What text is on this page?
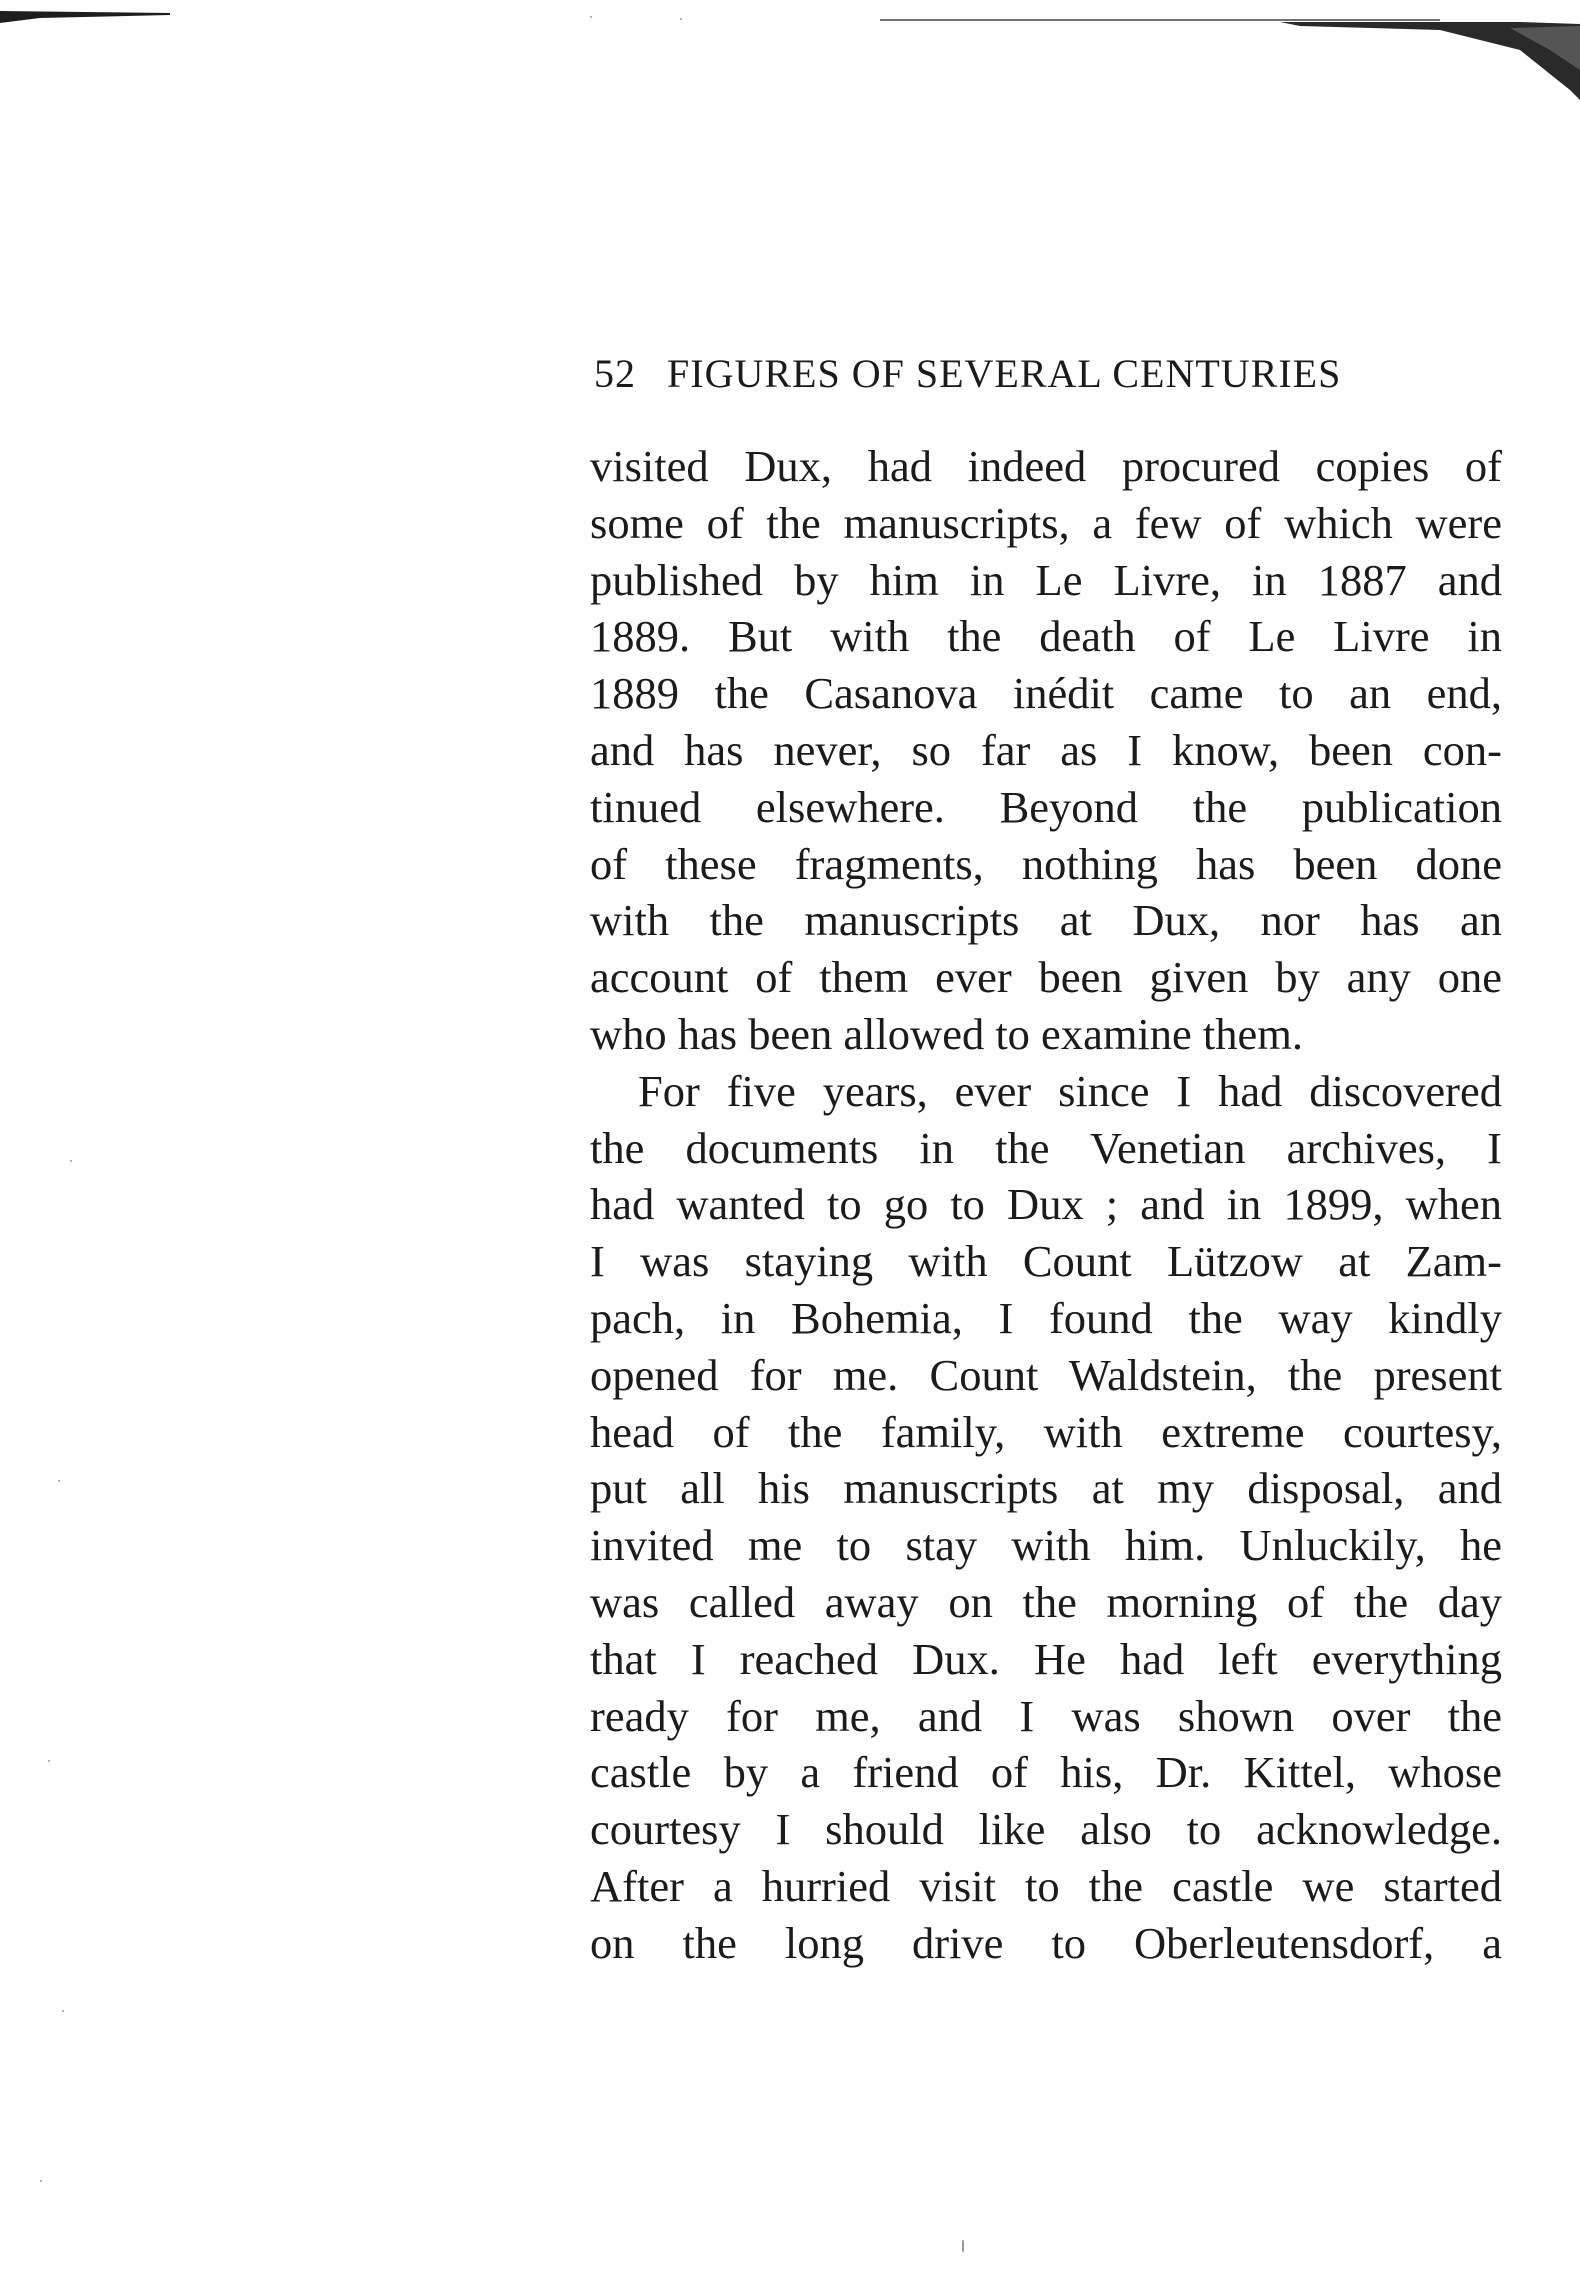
52 FIGURES OF SEVERAL CENTURIES
visited Dux, had indeed procured copies of
some of the manuscripts, a few of which were
published by him in Le Livre, in 1887 and
1889. But with the death of Le Livre in
1889 the Casanova inédit came to an end,
and has never, so far as I know, been con-
tinued elsewhere. Beyond the publication
of these fragments, nothing has been done
with the manuscripts at Dux, nor has an
account of them ever been given by any one
who has been allowed to examine them.
For five years, ever since I had discovered
the documents in the Venetian archives, I
had wanted to go to Dux ; and in 1899, when
I was staying with Count Lützow at Zam-
pach, in Bohemia, I found the way kindly
opened for me. Count Waldstein, the present
head of the family, with extreme courtesy,
put all his manuscripts at my disposal, and
invited me to stay with him. Unluckily, he
was called away on the morning of the day
that I reached Dux. He had left everything
ready for me, and I was shown over the
castle by a friend of his, Dr. Kittel, whose
courtesy I should like also to acknowledge.
After a hurried visit to the castle we started
on the long drive to Oberleutensdorf, a
